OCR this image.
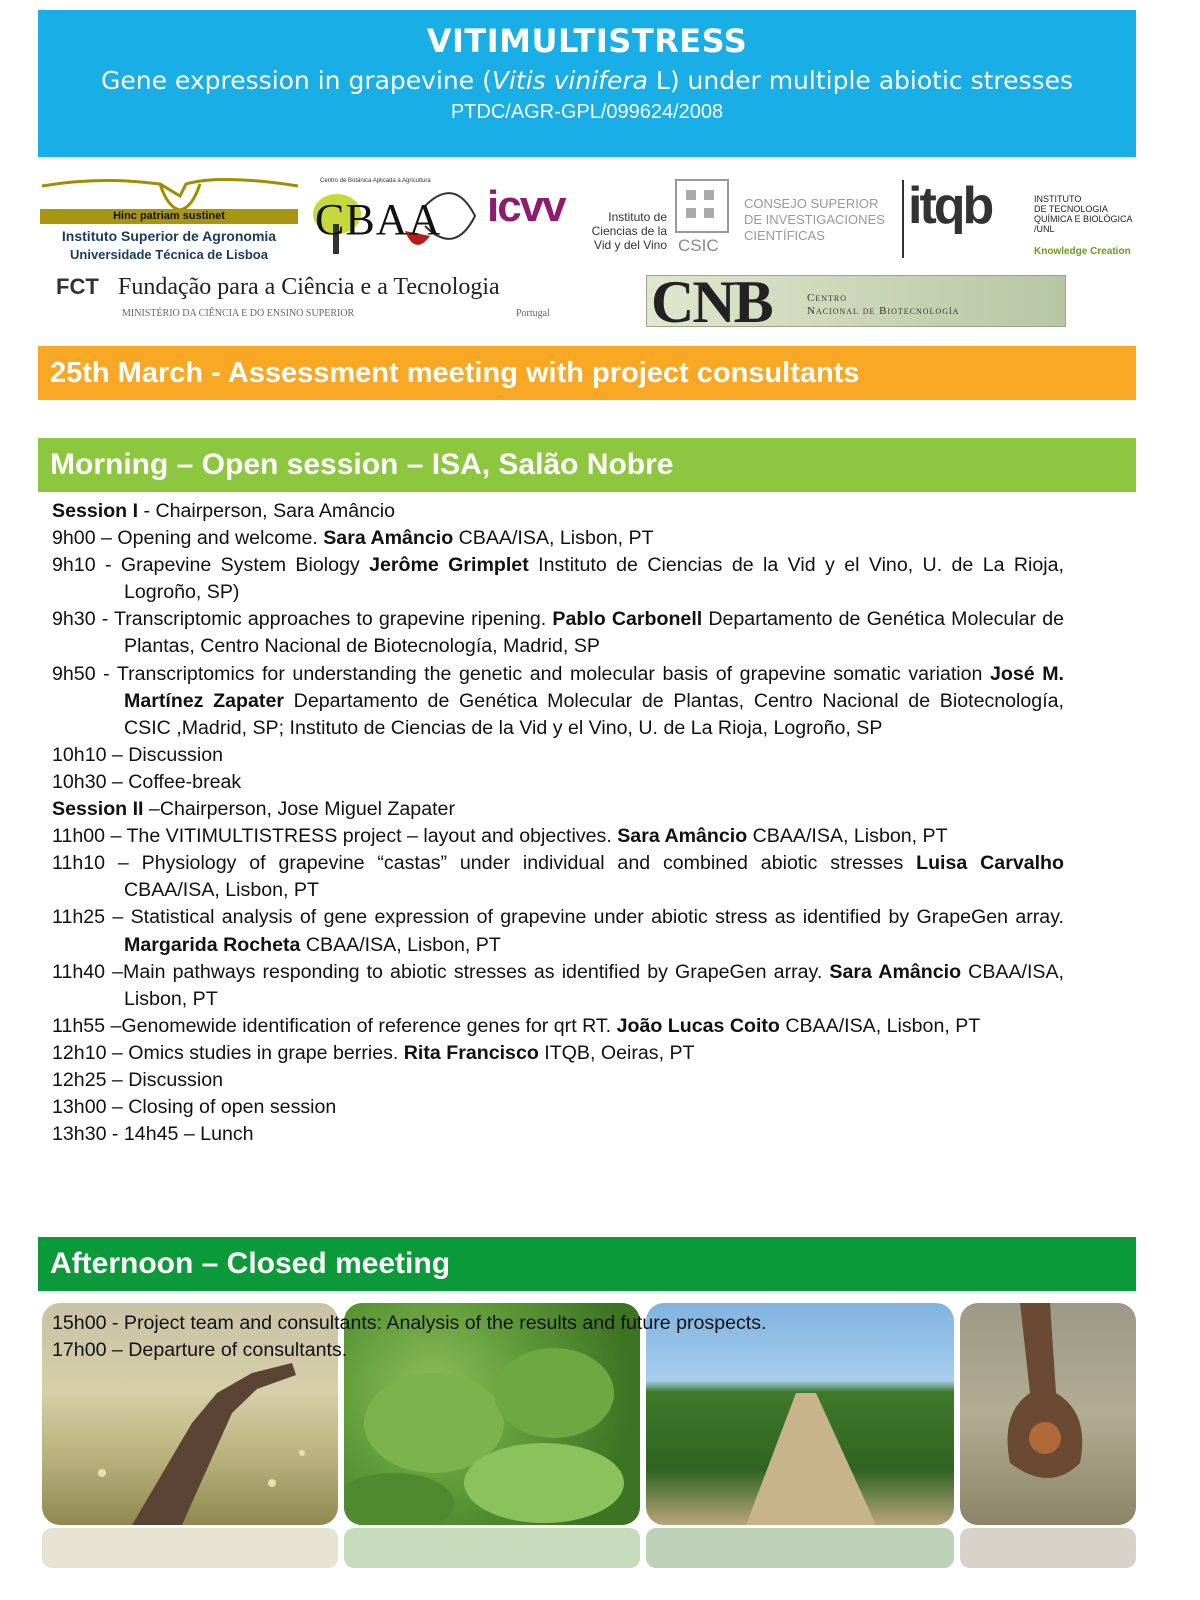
VITIMULTISTRESS
Gene expression in grapevine (Vitis vinifera L) under multiple abiotic stresses
PTDC/AGR-GPL/099624/2008
Hinc patriam sustinet
Instituto Superior de Agronomia
Universidade Técnica de Lisboa
Centro de Botânica Aplicada à Agricultura
CBAA icvv	Instituto de
Ciencias de la
Vid y del Vino CSIC
CONSEJO SUPERIOR
DE INVESTIGACIONES
CIENTÍFICAS
itqb	INSTITUTO
DE TECNOLOGIA
QUÍMICA E BIOLÓGICA
/UNL
Knowledge Creation
FCT Fundação para a Ciência e a Tecnologia
MINISTÉRIO DA CIÊNCIA E DO ENSINO SUPERIOR	Portugal CNB	Centro
Nacional de Biotecnología
25th March - Assessment meeting with project consultants
Morning – Open session – ISA, Salão Nobre
Session I - Chairperson, Sara Amâncio
9h00 – Opening and welcome. Sara Amâncio CBAA/ISA, Lisbon, PT
9h10 - Grapevine System Biology Jerôme Grimplet Instituto de Ciencias de la Vid y el Vino, U. de La Rioja, Logroño, SP)
9h30 - Transcriptomic approaches to grapevine ripening. Pablo Carbonell Departamento de Genética Molecular de Plantas, Centro Nacional de Biotecnología, Madrid, SP
9h50 - Transcriptomics for understanding the genetic and molecular basis of grapevine somatic variation José M. Martínez Zapater Departamento de Genética Molecular de Plantas, Centro Nacional de Biotecnología, CSIC ,Madrid, SP; Instituto de Ciencias de la Vid y el Vino, U. de La Rioja, Logroño, SP
10h10 – Discussion
10h30 – Coffee-break
Session II –Chairperson, Jose Miguel Zapater
11h00 – The VITIMULTISTRESS project – layout and objectives. Sara Amâncio CBAA/ISA, Lisbon, PT
11h10 – Physiology of grapevine “castas” under individual and combined abiotic stresses Luisa Carvalho CBAA/ISA, Lisbon, PT
11h25 – Statistical analysis of gene expression of grapevine under abiotic stress as identified by GrapeGen array. Margarida Rocheta CBAA/ISA, Lisbon, PT
11h40 –Main pathways responding to abiotic stresses as identified by GrapeGen array. Sara Amâncio CBAA/ISA, Lisbon, PT
11h55 –Genomewide identification of reference genes for qrt RT. João Lucas Coito CBAA/ISA, Lisbon, PT
12h10 – Omics studies in grape berries. Rita Francisco ITQB, Oeiras, PT
12h25 – Discussion
13h00 – Closing of open session
13h30 - 14h45 – Lunch
Afternoon – Closed meeting
15h00 - Project team and consultants: Analysis of the results and future prospects.
17h00 – Departure of consultants.
